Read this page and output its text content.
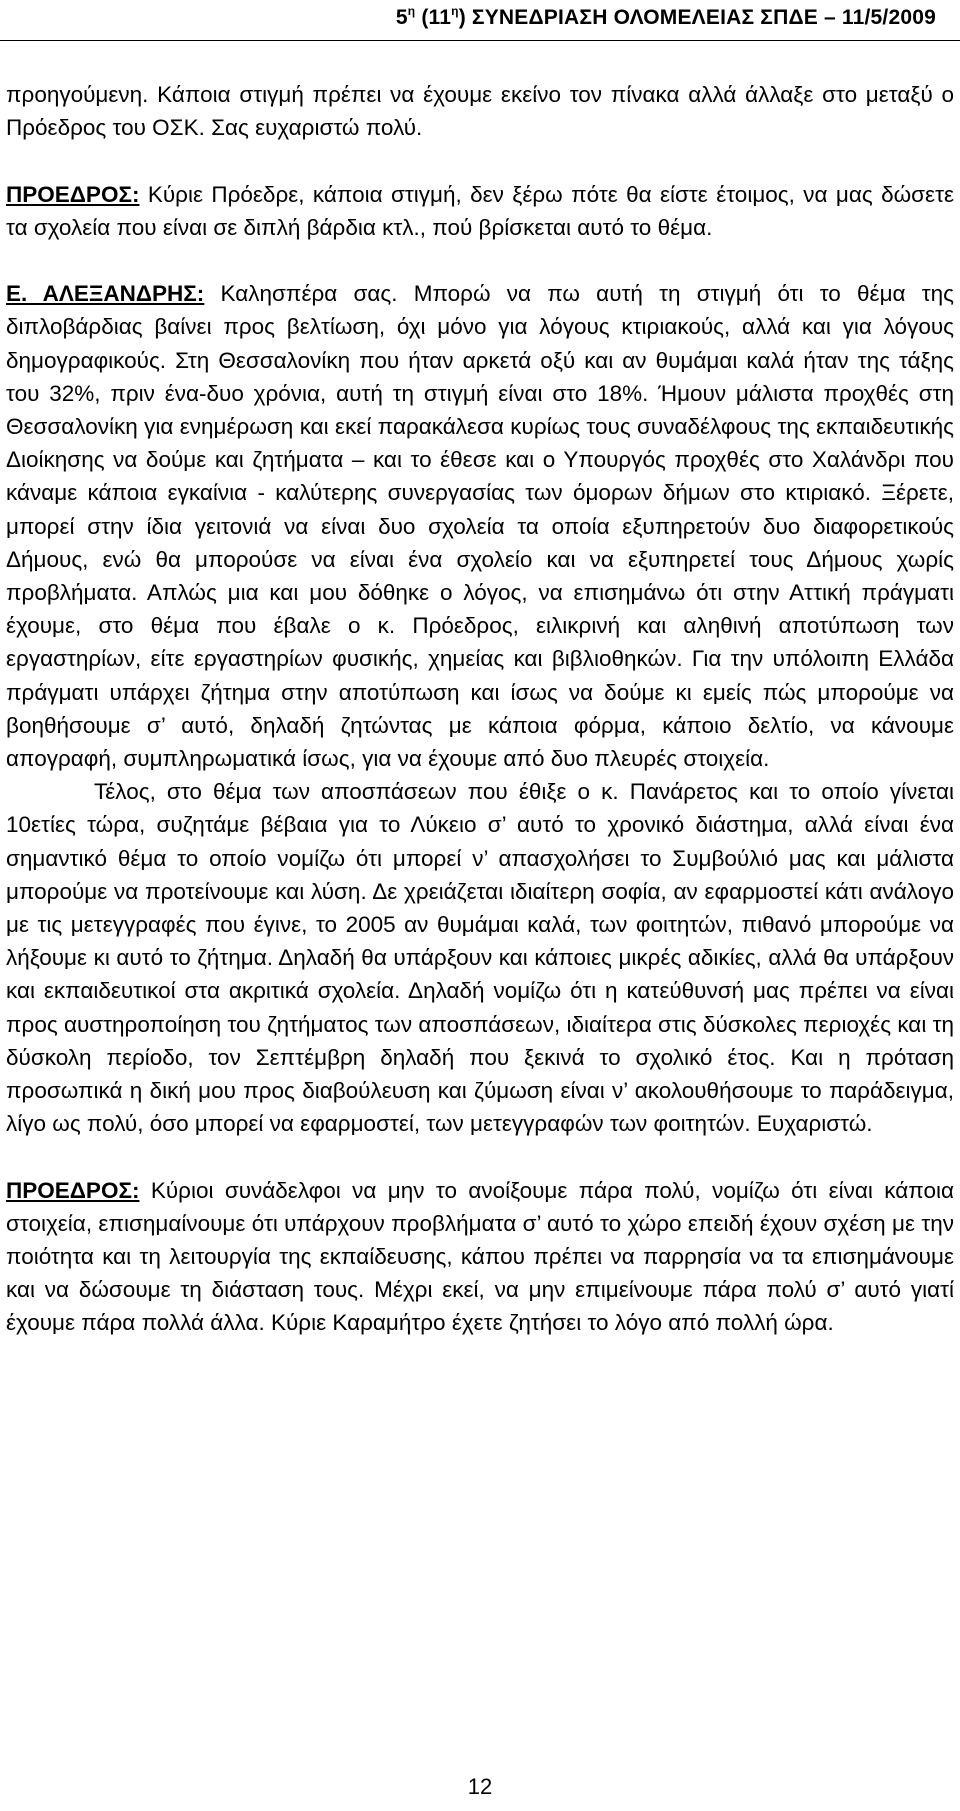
$5^\eta$ $(11^\eta)$ ΣΥΝΕΔΡΙΑΣΗ ΟΛΟΜΕΛΕΙΑΣ ΣΠΔΕ – 11/5/2009

προηγούμενη. Κάποια στιγμή πρέπει να έχουμε εκείνο τον πίνακα αλλά άλλαξε στο μεταξύ ο Πρόεδρος του ΟΣΚ. Σας ευχαριστώ πολύ.

ΠΡΟΕΔΡΟΣ: Κύριε Πρόεδρε, κάποια στιγμή, δεν ξέρω πότε θα είστε έτοιμος, να μας δώσετε τα σχολεία που είναι σε διπλή βάρδια κτλ., πού βρίσκεται αυτό το θέμα.

Ε. ΑΛΕΞΑΝΔΡΗΣ: Καλησπέρα σας. Μπορώ να πω αυτή τη στιγμή ότι το θέμα της διπλοβάρδιας βαίνει προς βελτίωση, όχι μόνο για λόγους κτιριακούς, αλλά και για λόγους δημογραφικούς. Στη Θεσσαλονίκη που ήταν αρκετά οξύ και αν θυμάμαι καλά ήταν της τάξης του 32%, πριν ένα-δυο χρόνια, αυτή τη στιγμή είναι στο 18%. Ήμουν μάλιστα προχθές στη Θεσσαλονίκη για ενημέρωση και εκεί παρακάλεσα κυρίως τους συναδέλφους της εκπαιδευτικής Διοίκησης να δούμε και ζητήματα – και το έθεσε και ο Υπουργός προχθές στο Χαλάνδρι που κάναμε κάποια εγκαίνια - καλύτερης συνεργασίας των όμορων δήμων στο κτιριακό. Ξέρετε, μπορεί στην ίδια γειτονιά να είναι δυο σχολεία τα οποία εξυπηρετούν δυο διαφορετικούς Δήμους, ενώ θα μπορούσε να είναι ένα σχολείο και να εξυπηρετεί τους Δήμους χωρίς προβλήματα. Απλώς μια και μου δόθηκε ο λόγος, να επισημάνω ότι στην Αττική πράγματι έχουμε, στο θέμα που έβαλε ο κ. Πρόεδρος, ειλικρινή και αληθινή αποτύπωση των εργαστηρίων, είτε εργαστηρίων φυσικής, χημείας και βιβλιοθηκών. Για την υπόλοιπη Ελλάδα πράγματι υπάρχει ζήτημα στην αποτύπωση και ίσως να δούμε κι εμείς πώς μπορούμε να βοηθήσουμε σ’ αυτό, δηλαδή ζητώντας με κάποια φόρμα, κάποιο δελτίο, να κάνουμε απογραφή, συμπληρωματικά ίσως, για να έχουμε από δυο πλευρές στοιχεία.

Τέλος, στο θέμα των αποσπάσεων που έθιξε ο κ. Πανάρετος και το οποίο γίνεται 10ετίες τώρα, συζητάμε βέβαια για το Λύκειο σ’ αυτό το χρονικό διάστημα, αλλά είναι ένα σημαντικό θέμα το οποίο νομίζω ότι μπορεί ν’ απασχολήσει το Συμβούλιό μας και μάλιστα μπορούμε να προτείνουμε και λύση. Δε χρειάζεται ιδιαίτερη σοφία, αν εφαρμοστεί κάτι ανάλογο με τις μετεγγραφές που έγινε, το 2005 αν θυμάμαι καλά, των φοιτητών, πιθανό μπορούμε να λήξουμε κι αυτό το ζήτημα. Δηλαδή θα υπάρξουν και κάποιες μικρές αδικίες, αλλά θα υπάρξουν και εκπαιδευτικοί στα ακριτικά σχολεία. Δηλαδή νομίζω ότι η κατεύθυνσή μας πρέπει να είναι προς αυστηροποίηση του ζητήματος των αποσπάσεων, ιδιαίτερα στις δύσκολες περιοχές και τη δύσκολη περίοδο, τον Σεπτέμβρη δηλαδή που ξεκινά το σχολικό έτος. Και η πρόταση προσωπικά η δική μου προς διαβούλευση και ζύμωση είναι ν’ ακολουθήσουμε το παράδειγμα, λίγο ως πολύ, όσο μπορεί να εφαρμοστεί, των μετεγγραφών των φοιτητών. Ευχαριστώ.

ΠΡΟΕΔΡΟΣ: Κύριοι συνάδελφοι να μην το ανοίξουμε πάρα πολύ, νομίζω ότι είναι κάποια στοιχεία, επισημαίνουμε ότι υπάρχουν προβλήματα σ’ αυτό το χώρο επειδή έχουν σχέση με την ποιότητα και τη λειτουργία της εκπαίδευσης, κάπου πρέπει να παρρησία να τα επισημάνουμε και να δώσουμε τη διάσταση τους. Μέχρι εκεί, να μην επιμείνουμε πάρα πολύ σ’ αυτό γιατί έχουμε πάρα πολλά άλλα. Κύριε Καραμήτρο έχετε ζητήσει το λόγο από πολλή ώρα.

12
